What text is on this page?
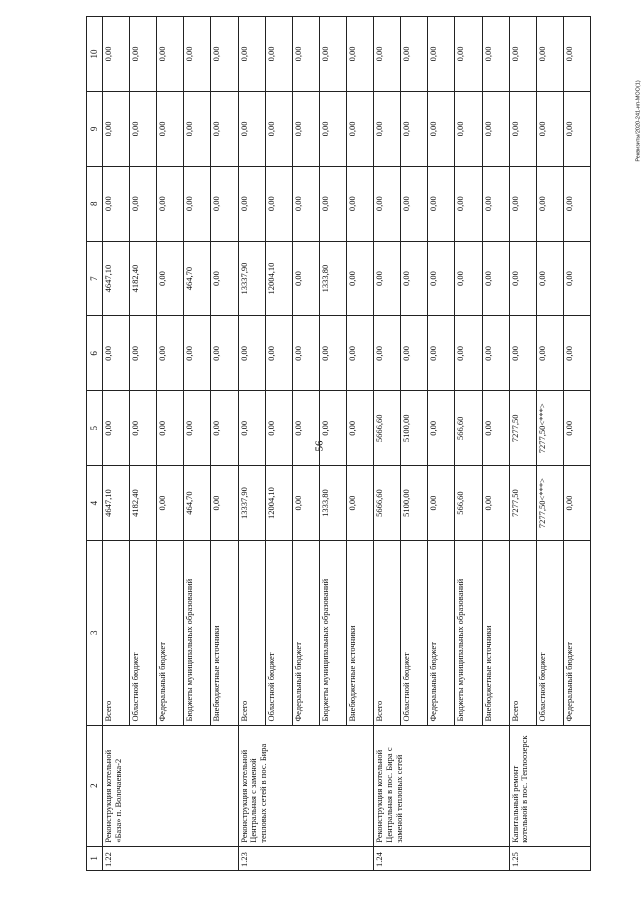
56
1	2	3	4	5	6	7	8	9	10
1.22	Реконструкция котельной «База» п. Волочаевка-2	Всего	4647,10	0,00	0,00	4647,10	0,00	0,00	0,00
		Областной бюджет	4182,40	0,00	0,00	4182,40	0,00	0,00	0,00
		Федеральный бюджет	0,00	0,00	0,00	0,00	0,00	0,00	0,00
		Бюджеты муниципальных образований	464,70	0,00	0,00	464,70	0,00	0,00	0,00
		Внебюджетные источники	0,00	0,00	0,00	0,00	0,00	0,00	0,00
1.23	Реконструкция котельной Центральная с заменой тепловых сетей в пос. Бира	Всего	13337,90	0,00	0,00	13337,90	0,00	0,00	0,00
		Областной бюджет	12004,10	0,00	0,00	12004,10	0,00	0,00	0,00
		Федеральный бюджет	0,00	0,00	0,00	0,00	0,00	0,00	0,00
		Бюджеты муниципальных образований	1333,80	0,00	0,00	1333,80	0,00	0,00	0,00
		Внебюджетные источники	0,00	0,00	0,00	0,00	0,00	0,00	0,00
1.24	Реконструкция котельной Центральная в пос. Бира с заменой тепловых сетей	Всего	5666,60	5666,60	0,00	0,00	0,00	0,00	0,00
		Областной бюджет	5100,00	5100,00	0,00	0,00	0,00	0,00	0,00
		Федеральный бюджет	0,00	0,00	0,00	0,00	0,00	0,00	0,00
		Бюджеты муниципальных образований	566,60	566,60	0,00	0,00	0,00	0,00	0,00
		Внебюджетные источники	0,00	0,00	0,00	0,00	0,00	0,00	0,00
1.25	Капитальный ремонт котельной в пос. Теплоозерск	Всего	7277,50	7277,50	0,00	0,00	0,00	0,00	0,00
		Областной бюджет	7277,50<***>	7277,50<***>	0,00	0,00	0,00	0,00	0,00
		Федеральный бюджет	0,00	0,00	0,00	0,00	0,00	0,00	0,00
Реквизиты/2020-241-ип-МОО(1)
